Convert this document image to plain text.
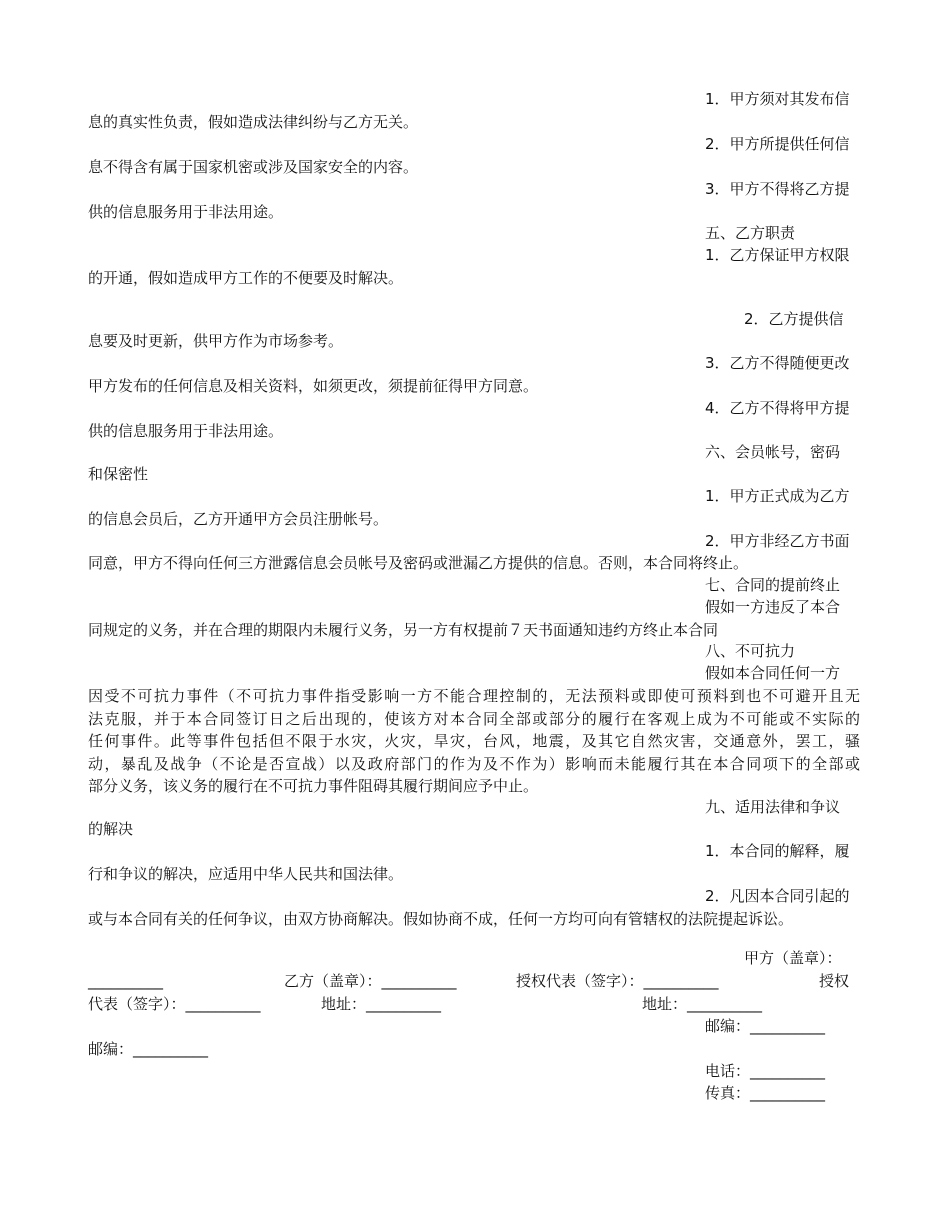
1．甲方须对其发布信
息的真实性负责，假如造成法律纠纷与乙方无关。
2．甲方所提供任何信
息不得含有属于国家机密或涉及国家安全的内容。
3．甲方不得将乙方提
供的信息服务用于非法用途。
五、乙方职责
1．乙方保证甲方权限
的开通，假如造成甲方工作的不便要及时解决。
2．乙方提供信
息要及时更新，供甲方作为市场参考。
3．乙方不得随便更改
甲方发布的任何信息及相关资料，如须更改，须提前征得甲方同意。
4．乙方不得将甲方提
供的信息服务用于非法用途。
六、会员帐号，密码
和保密性
1．甲方正式成为乙方
的信息会员后，乙方开通甲方会员注册帐号。
2．甲方非经乙方书面
同意，甲方不得向任何三方泄露信息会员帐号及密码或泄漏乙方提供的信息。否则，本合同将终止。
七、合同的提前终止
假如一方违反了本合
同规定的义务，并在合理的期限内未履行义务，另一方有权提前７天书面通知违约方终止本合同
八、不可抗力
假如本合同任何一方
因受不可抗力事件（不可抗力事件指受影响一方不能合理控制的，无法预料或即使可预料到也不可避开且无
法克服，并于本合同签订日之后出现的，使该方对本合同全部或部分的履行在客观上成为不可能或不实际的
任何事件。此等事件包括但不限于水灾，火灾，旱灾，台风，地震，及其它自然灾害，交通意外，罢工，骚
动，暴乱及战争（不论是否宣战）以及政府部门的作为及不作为）影响而未能履行其在本合同项下的全部或
部分义务，该义务的履行在不可抗力事件阻碍其履行期间应予中止。
九、适用法律和争议
的解决
1．本合同的解释，履
行和争议的解决，应适用中华人民共和国法律。
2．凡因本合同引起的
或与本合同有关的任何争议，由双方协商解决。假如协商不成，任何一方均可向有管辖权的法院提起诉讼。
甲方（盖章）：
__________	乙方（盖章）：__________	授权代表（签字）：__________	授权
代表（签字）：__________	地址：__________	地址：__________
邮编：__________
邮编：__________
电话：__________
传真：__________
